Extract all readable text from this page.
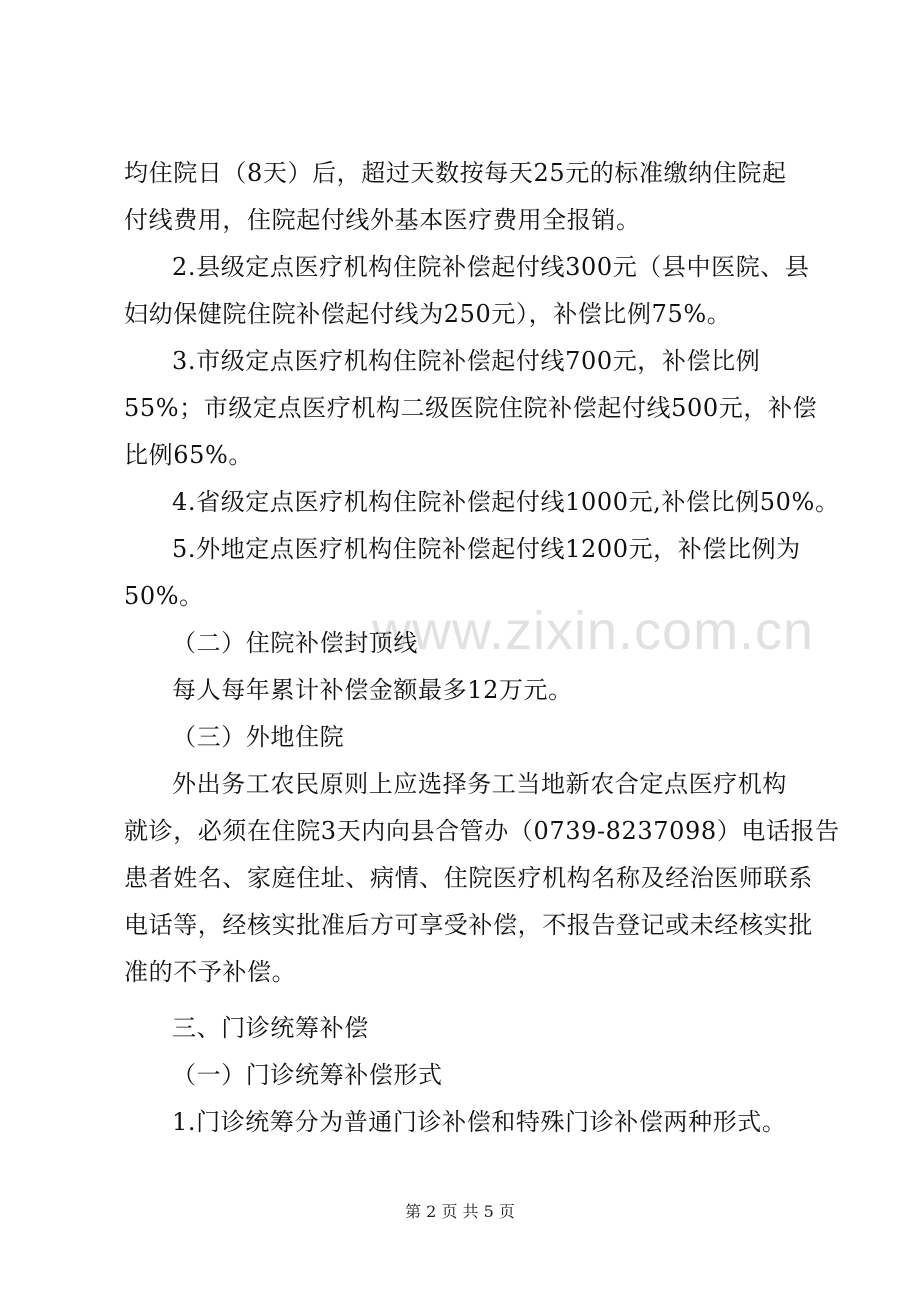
www.zixin.com.cn
均住院日（8天）后，超过天数按每天25元的标准缴纳住院起
付线费用，住院起付线外基本医疗费用全报销。
2.县级定点医疗机构住院补偿起付线300元（县中医院、县
妇幼保健院住院补偿起付线为250元），补偿比例75%。
3.市级定点医疗机构住院补偿起付线700元，补偿比例
55%；市级定点医疗机构二级医院住院补偿起付线500元，补偿
比例65%。
4.省级定点医疗机构住院补偿起付线1000元,补偿比例50%。
5.外地定点医疗机构住院补偿起付线1200元，补偿比例为
50%。
（二）住院补偿封顶线
每人每年累计补偿金额最多12万元。
（三）外地住院
外出务工农民原则上应选择务工当地新农合定点医疗机构
就诊，必须在住院3天内向县合管办（0739-8237098）电话报告
患者姓名、家庭住址、病情、住院医疗机构名称及经治医师联系
电话等，经核实批准后方可享受补偿，不报告登记或未经核实批
准的不予补偿。
三、门诊统筹补偿
（一）门诊统筹补偿形式
1.门诊统筹分为普通门诊补偿和特殊门诊补偿两种形式。
第 2 页 共 5 页
